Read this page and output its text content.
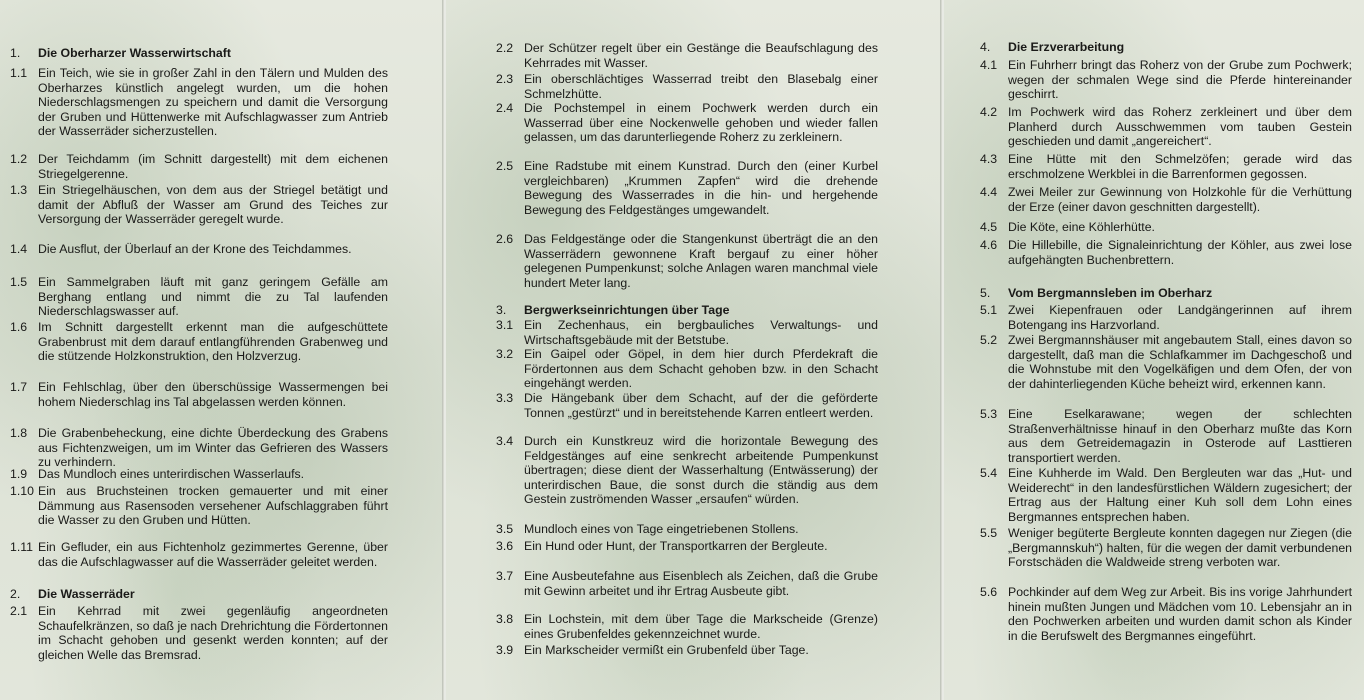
1.	Die Oberharzer Wasserwirtschaft
1.1 Ein Teich, wie sie in großer Zahl in den Tälern und Mulden des Oberharzes künstlich angelegt wurden, um die hohen Niederschlagsmengen zu speichern und damit die Versorgung der Gruben und Hüttenwerke mit Aufschlagwasser zum Antrieb der Wasserräder sicherzustellen.
1.2 Der Teichdamm (im Schnitt dargestellt) mit dem eichenen Striegelgerenne.
1.3 Ein Striegelhäuschen, von dem aus der Striegel betätigt und damit der Abfluß der Wasser am Grund des Teiches zur Versorgung der Wasserräder geregelt wurde.
1.4 Die Ausflut, der Überlauf an der Krone des Teichdammes.
1.5 Ein Sammelgraben läuft mit ganz geringem Gefälle am Berghang entlang und nimmt die zu Tal laufenden Niederschlagswasser auf.
1.6 Im Schnitt dargestellt erkennt man die aufgeschüttete Grabenbrust mit dem darauf entlangführenden Grabenweg und die stützende Holzkonstruktion, den Holzverzug.
1.7 Ein Fehlschlag, über den überschüssige Wassermengen bei hohem Niederschlag ins Tal abgelassen werden können.
1.8 Die Grabenbeheckung, eine dichte Überdeckung des Grabens aus Fichtenzweigen, um im Winter das Gefrieren des Wassers zu verhindern.
1.9 Das Mundloch eines unterirdischen Wasserlaufs.
1.10 Ein aus Bruchsteinen trocken gemauerter und mit einer Dämmung aus Rasensoden versehener Aufschlaggraben führt die Wasser zu den Gruben und Hütten.
1.11 Ein Gefluder, ein aus Fichtenholz gezimmertes Gerenne, über das die Aufschlagwasser auf die Wasserräder geleitet werden.
2.	Die Wasserräder
2.1 Ein Kehrrad mit zwei gegenläufig angeordneten Schaufelkränzen, so daß je nach Drehrichtung die Fördertonnen im Schacht gehoben und gesenkt werden konnten; auf der gleichen Welle das Bremsrad.
2.2 Der Schützer regelt über ein Gestänge die Beaufschlagung des Kehrrades mit Wasser.
2.3 Ein oberschlächtiges Wasserrad treibt den Blasebalg einer Schmelzhütte.
2.4 Die Pochstempel in einem Pochwerk werden durch ein Wasserrad über eine Nockenwelle gehoben und wieder fallen gelassen, um das darunterliegende Roherz zu zerkleinern.
2.5 Eine Radstube mit einem Kunstrad. Durch den (einer Kurbel vergleichbaren) „Krummen Zapfen“ wird die drehende Bewegung des Wasserrades in die hin- und hergehende Bewegung des Feldgestänges umgewandelt.
2.6 Das Feldgestänge oder die Stangenkunst überträgt die an den Wasserrädern gewonnene Kraft bergauf zu einer höher gelegenen Pumpenkunst; solche Anlagen waren manchmal viele hundert Meter lang.
3.	Bergwerkseinrichtungen über Tage
3.1 Ein Zechenhaus, ein bergbauliches Verwaltungs- und Wirtschaftsgebäude mit der Betstube.
3.2 Ein Gaipel oder Göpel, in dem hier durch Pferdekraft die Fördertonnen aus dem Schacht gehoben bzw. in den Schacht eingehängt werden.
3.3 Die Hängebank über dem Schacht, auf der die geförderte Tonnen „gestürzt“ und in bereitstehende Karren entleert werden.
3.4 Durch ein Kunstkreuz wird die horizontale Bewegung des Feldgestänges auf eine senkrecht arbeitende Pumpenkunst übertragen; diese dient der Wasserhaltung (Entwässerung) der unterirdischen Baue, die sonst durch die ständig aus dem Gestein zuströmenden Wasser „ersaufen“ würden.
3.5 Mundloch eines von Tage eingetriebenen Stollens.
3.6 Ein Hund oder Hunt, der Transportkarren der Bergleute.
3.7 Eine Ausbeutefahne aus Eisenblech als Zeichen, daß die Grube mit Gewinn arbeitet und ihr Ertrag Ausbeute gibt.
3.8 Ein Lochstein, mit dem über Tage die Markscheide (Grenze) eines Grubenfeldes gekennzeichnet wurde.
3.9 Ein Markscheider vermißt ein Grubenfeld über Tage.
4.	Die Erzverarbeitung
4.1 Ein Fuhrherr bringt das Roherz von der Grube zum Pochwerk; wegen der schmalen Wege sind die Pferde hintereinander geschirrt.
4.2 Im Pochwerk wird das Roherz zerkleinert und über dem Planherd durch Ausschwemmen vom tauben Gestein geschieden und damit „angereichert“.
4.3 Eine Hütte mit den Schmelzöfen; gerade wird das erschmolzene Werkblei in die Barrenformen gegossen.
4.4 Zwei Meiler zur Gewinnung von Holzkohle für die Verhüttung der Erze (einer davon geschnitten dargestellt).
4.5 Die Köte, eine Köhlerhütte.
4.6 Die Hillebille, die Signaleinrichtung der Köhler, aus zwei lose aufgehängten Buchenbrettern.
5.	Vom Bergmannsleben im Oberharz
5.1 Zwei Kiepenfrauen oder Landgängerinnen auf ihrem Botengang ins Harzvorland.
5.2 Zwei Bergmannshäuser mit angebautem Stall, eines davon so dargestellt, daß man die Schlafkammer im Dachgeschoß und die Wohnstube mit den Vogelkäfigen und dem Ofen, der von der dahinterliegenden Küche beheizt wird, erkennen kann.
5.3 Eine Eselkarawane; wegen der schlechten Straßenverhältnisse hinauf in den Oberharz mußte das Korn aus dem Getreidemagazin in Osterode auf Lasttieren transportiert werden.
5.4 Eine Kuhherde im Wald. Den Bergleuten war das „Hut- und Weiderecht“ in den landesfürstlichen Wäldern zugesichert; der Ertrag aus der Haltung einer Kuh soll dem Lohn eines Bergmannes entsprechen haben.
5.5 Weniger begüterte Bergleute konnten dagegen nur Ziegen (die „Bergmannskuh“) halten, für die wegen der damit verbundenen Forstschäden die Waldweide streng verboten war.
5.6 Pochkinder auf dem Weg zur Arbeit. Bis ins vorige Jahrhundert hinein mußten Jungen und Mädchen vom 10. Lebensjahr an in den Pochwerken arbeiten und wurden damit schon als Kinder in die Berufswelt des Bergmannes eingeführt.
